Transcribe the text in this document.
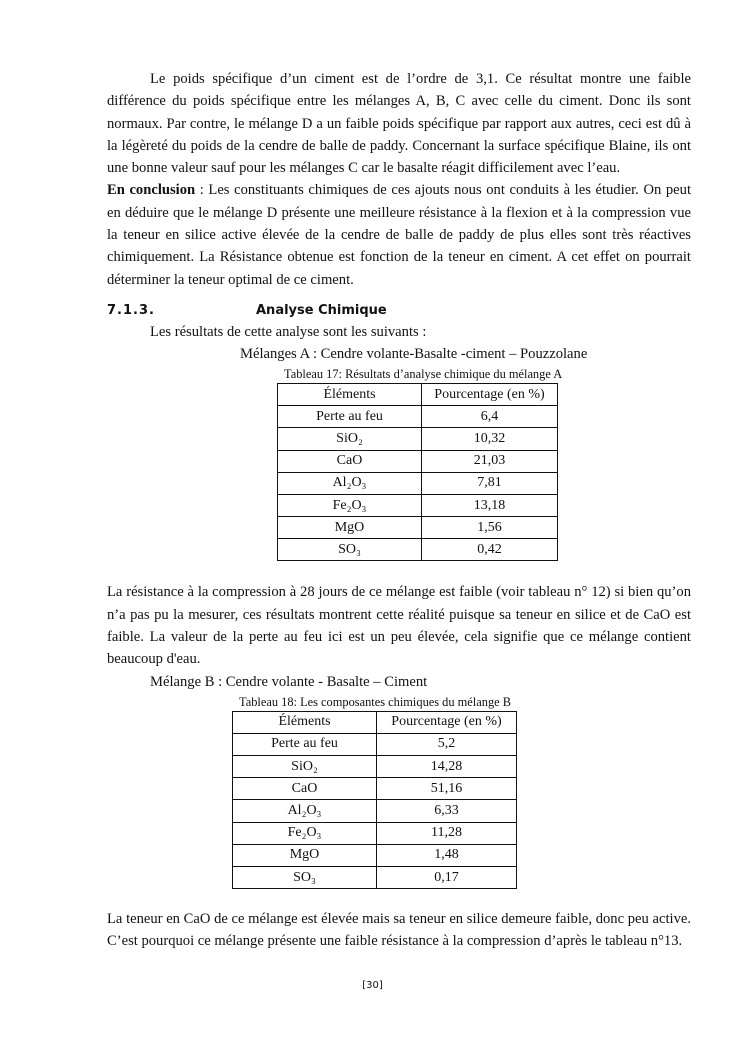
Le poids spécifique d’un ciment est de l’ordre de 3,1. Ce résultat montre une faible différence du poids spécifique entre les mélanges A, B, C avec celle du ciment. Donc ils sont normaux. Par contre, le mélange D a un faible poids spécifique par rapport aux autres, ceci est dû à la légèreté du poids de la cendre de balle de paddy. Concernant la surface spécifique Blaine, ils ont une bonne valeur sauf pour les mélanges C car le basalte réagit difficilement avec l’eau.
En conclusion : Les constituants chimiques de ces ajouts nous ont conduits à les étudier. On peut en déduire que le mélange D présente une meilleure résistance à la flexion et à la compression vue la teneur en silice active élevée de la cendre de balle de paddy de plus elles sont très réactives chimiquement. La Résistance obtenue est fonction de la teneur en ciment. A cet effet on pourrait déterminer la teneur optimal de ce ciment.
7.1.3.	Analyse Chimique
Les résultats de cette analyse sont les suivants :
Mélanges A : Cendre volante-Basalte -ciment – Pouzzolane
Tableau 17: Résultats d’analyse chimique du mélange A
Éléments	Pourcentage (en %)
Perte au feu	6,4
SiO₂	10,32
CaO	21,03
Al₂O₃	7,81
Fe₂O₃	13,18
MgO	1,56
SO₃	0,42
La résistance à la compression à 28 jours de ce mélange est faible (voir tableau n° 12) si bien qu’on n’a pas pu la mesurer, ces résultats montrent cette réalité puisque sa teneur en silice et de CaO est faible. La valeur de la perte au feu ici est un peu élevée, cela signifie que ce mélange contient beaucoup d'eau.
Mélange B : Cendre volante - Basalte – Ciment
Tableau 18: Les composantes chimiques du mélange B
Éléments	Pourcentage (en %)
Perte au feu	5,2
SiO₂	14,28
CaO	51,16
Al₂O₃	6,33
Fe₂O₃	11,28
MgO	1,48
SO₃	0,17
La teneur en CaO de ce mélange est élevée mais sa teneur en silice demeure faible, donc peu active. C’est pourquoi ce mélange présente une faible résistance à la compression d’après le tableau n°13.
[30]
